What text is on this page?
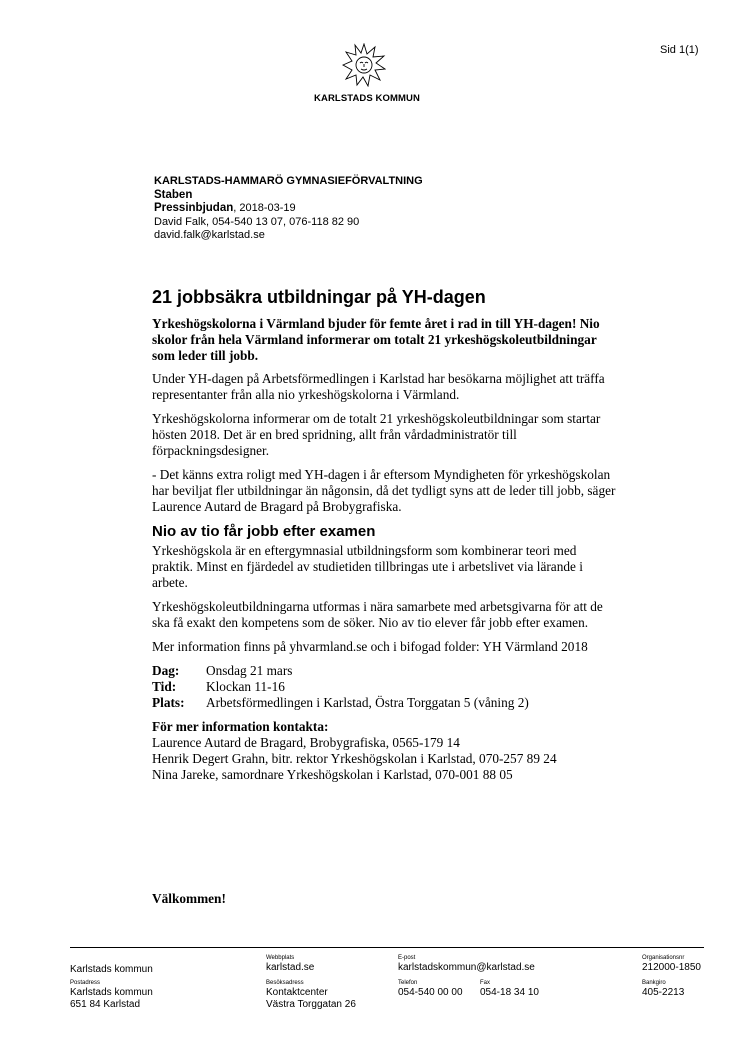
Sid 1(1)
KARLSTADS KOMMUN
KARLSTADS-HAMMARÖ GYMNASIEFÖRVALTNING
Staben
Pressinbjudan, 2018-03-19
David Falk, 054-540 13 07, 076-118 82 90
david.falk@karlstad.se
21 jobbsäkra utbildningar på YH-dagen

Yrkeshögskolorna i Värmland bjuder för femte året i rad in till YH-dagen! Nio skolor från hela Värmland informerar om totalt 21 yrkeshögskoleutbildningar som leder till jobb.

Under YH-dagen på Arbetsförmedlingen i Karlstad har besökarna möjlighet att träffa representanter från alla nio yrkeshögskolorna i Värmland.

Yrkeshögskolorna informerar om de totalt 21 yrkeshögskoleutbildningar som startar hösten 2018. Det är en bred spridning, allt från vårdadministratör till förpackningsdesigner.

- Det känns extra roligt med YH-dagen i år eftersom Myndigheten för yrkeshögskolan har beviljat fler utbildningar än någonsin, då det tydligt syns att de leder till jobb, säger Laurence Autard de Bragard på Brobygrafiska.

Nio av tio får jobb efter examen

Yrkeshögskola är en eftergymnasial utbildningsform som kombinerar teori med praktik. Minst en fjärdedel av studietiden tillbringas ute i arbetslivet via lärande i arbete.

Yrkeshögskoleutbildningarna utformas i nära samarbete med arbetsgivarna för att de ska få exakt den kompetens som de söker. Nio av tio elever får jobb efter examen.

Mer information finns på yhvarmland.se och i bifogad folder: YH Värmland 2018

Dag:	Onsdag 21 mars
Tid:	Klockan 11-16
Plats:	Arbetsförmedlingen i Karlstad, Östra Torggatan 5 (våning 2)
För mer information kontakta:
Laurence Autard de Bragard, Brobygrafiska, 0565-179 14
Henrik Degert Grahn, bitr. rektor Yrkeshögskolan i Karlstad, 070-257 89 24
Nina Jareke, samordnare Yrkeshögskolan i Karlstad, 070-001 88 05
Välkommen!
Karlstads kommun
Webbplats
karlstad.se
E-post
karlstadskommun@karlstad.se
Organisationsnr
212000-1850
Postadress
Karlstads kommun
651 84 Karlstad
Besöksadress
Kontaktcenter
Västra Torggatan 26
Telefon
054-540 00 00
Fax
054-18 34 10
Bankgiro
405-2213
